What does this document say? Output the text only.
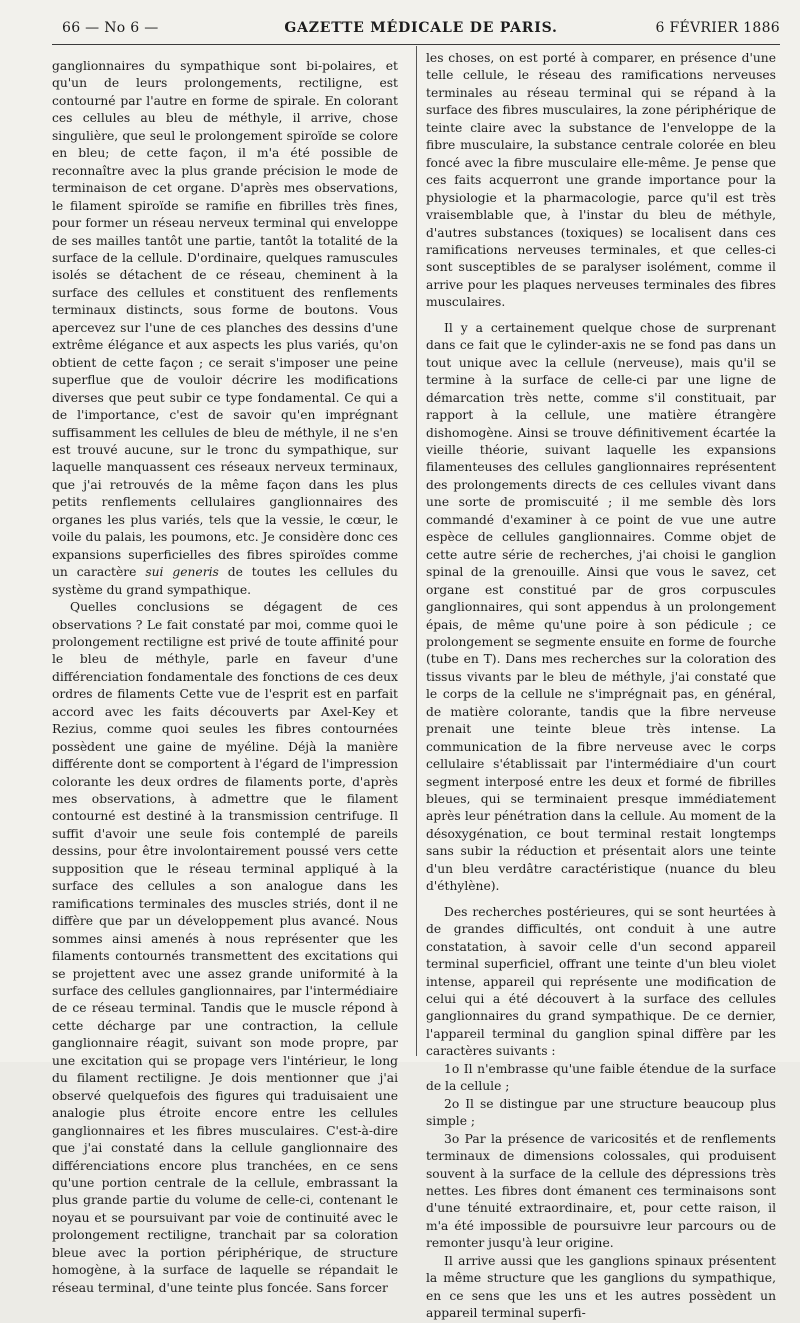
GAZETTE MÉDICALE DE PARIS.
66 — No 6 —	6 FÉVRIER 1886

ganglionnaires du sympathique sont bi-polaires, et qu'un de leurs prolongements, rectiligne, est contourné par l'autre en forme de spirale. En colorant ces cellules au bleu de méthyle, il arrive, chose singulière, que seul le prolongement spiroïde se colore en bleu; de cette façon, il m'a été possible de reconnaître avec la plus grande précision le mode de terminaison de cet organe. D'après mes observations, le filament spiroïde se ramifie en fibrilles très fines, pour former un réseau nerveux terminal qui enveloppe de ses mailles tantôt une partie, tantôt la totalité de la surface de la cellule. D'ordinaire, quelques ramuscules isolés se détachent de ce réseau, cheminent à la surface des cellules et constituent des renflements terminaux distincts, sous forme de boutons. Vous apercevez sur l'une de ces planches des dessins d'une extrême élégance et aux aspects les plus variés, qu'on obtient de cette façon ; ce serait s'imposer une peine superflue que de vouloir décrire les modifications diverses que peut subir ce type fondamental. Ce qui a de l'importance, c'est de savoir qu'en imprégnant suffisamment les cellules de bleu de méthyle, il ne s'en est trouvé aucune, sur le tronc du sympathique, sur laquelle manquassent ces réseaux nerveux terminaux, que j'ai retrouvés de la même façon dans les plus petits renflements cellulaires ganglionnaires des organes les plus variés, tels que la vessie, le cœur, le voile du palais, les poumons, etc. Je considère donc ces expansions superficielles des fibres spiroïdes comme un caractère sui generis de toutes les cellules du système du grand sympathique.

Quelles conclusions se dégagent de ces observations ? Le fait constaté par moi, comme quoi le prolongement rectiligne est privé de toute affinité pour le bleu de méthyle, parle en faveur d'une différenciation fondamentale des fonctions de ces deux ordres de filaments Cette vue de l'esprit est en parfait accord avec les faits découverts par Axel-Key et Rezius, comme quoi seules les fibres contournées possèdent une gaine de myéline. Déjà la manière différente dont se comportent à l'égard de l'impression colorante les deux ordres de filaments porte, d'après mes observations, à admettre que le filament contourné est destiné à la transmission centrifuge. Il suffit d'avoir une seule fois contemplé de pareils dessins, pour être involontairement poussé vers cette supposition que le réseau terminal appliqué à la surface des cellules a son analogue dans les ramifications terminales des muscles striés, dont il ne diffère que par un développement plus avancé. Nous sommes ainsi amenés à nous représenter que les filaments contournés transmettent des excitations qui se projettent avec une assez grande uniformité à la surface des cellules ganglionnaires, par l'intermédiaire de ce réseau terminal. Tandis que le muscle répond à cette décharge par une contraction, la cellule ganglionnaire réagit, suivant son mode propre, par une excitation qui se propage vers l'intérieur, le long du filament rectiligne. Je dois mentionner que j'ai observé quelquefois des figures qui traduisaient une analogie plus étroite encore entre les cellules ganglionnaires et les fibres musculaires. C'est-à-dire que j'ai constaté dans la cellule ganglionnaire des différenciations encore plus tranchées, en ce sens qu'une portion centrale de la cellule, embrassant la plus grande partie du volume de celle-ci, contenant le noyau et se poursuivant par voie de continuité avec le prolongement rectiligne, tranchait par sa coloration bleue avec la portion périphérique, de structure homogène, à la surface de laquelle se répandait le réseau terminal, d'une teinte plus foncée. Sans forcer

les choses, on est porté à comparer, en présence d'une telle cellule, le réseau des ramifications nerveuses terminales au réseau terminal qui se répand à la surface des fibres musculaires, la zone périphérique de teinte claire avec la substance de l'enveloppe de la fibre musculaire, la substance centrale colorée en bleu foncé avec la fibre musculaire elle-même. Je pense que ces faits acquerront une grande importance pour la physiologie et la pharmacologie, parce qu'il est très vraisemblable que, à l'instar du bleu de méthyle, d'autres substances (toxiques) se localisent dans ces ramifications nerveuses terminales, et que celles-ci sont susceptibles de se paralyser isolément, comme il arrive pour les plaques nerveuses terminales des fibres musculaires.

Il y a certainement quelque chose de surprenant dans ce fait que le cylinder-axis ne se fond pas dans un tout unique avec la cellule (nerveuse), mais qu'il se termine à la surface de celle-ci par une ligne de démarcation très nette, comme s'il constituait, par rapport à la cellule, une matière étrangère dishomogène. Ainsi se trouve définitivement écartée la vieille théorie, suivant laquelle les expansions filamenteuses des cellules ganglionnaires représentent des prolongements directs de ces cellules vivant dans une sorte de promiscuité ; il me semble dès lors commandé d'examiner à ce point de vue une autre espèce de cellules ganglionnaires. Comme objet de cette autre série de recherches, j'ai choisi le ganglion spinal de la grenouille. Ainsi que vous le savez, cet organe est constitué par de gros corpuscules ganglionnaires, qui sont appendus à un prolongement épais, de même qu'une poire à son pédicule ; ce prolongement se segmente ensuite en forme de fourche (tube en T). Dans mes recherches sur la coloration des tissus vivants par le bleu de méthyle, j'ai constaté que le corps de la cellule ne s'imprégnait pas, en général, de matière colorante, tandis que la fibre nerveuse prenait une teinte bleue très intense. La communication de la fibre nerveuse avec le corps cellulaire s'établissait par l'intermédiaire d'un court segment interposé entre les deux et formé de fibrilles bleues, qui se terminaient presque immédiatement après leur pénétration dans la cellule. Au moment de la désoxygénation, ce bout terminal restait longtemps sans subir la réduction et présentait alors une teinte d'un bleu verdâtre caractéristique (nuance du bleu d'éthylène).

Des recherches postérieures, qui se sont heurtées à de grandes difficultés, ont conduit à une autre constatation, à savoir celle d'un second appareil terminal superficiel, offrant une teinte d'un bleu violet intense, appareil qui représente une modification de celui qui a été découvert à la surface des cellules ganglionnaires du grand sympathique. De ce dernier, l'appareil terminal du ganglion spinal diffère par les caractères suivants :

1o Il n'embrasse qu'une faible étendue de la surface de la cellule ;

2o Il se distingue par une structure beaucoup plus simple ;

3o Par la présence de varicosités et de renflements terminaux de dimensions colossales, qui produisent souvent à la surface de la cellule des dépressions très nettes. Les fibres dont émanent ces terminaisons sont d'une ténuité extraordinaire, et, pour cette raison, il m'a été impossible de poursuivre leur parcours ou de remonter jusqu'à leur origine.

Il arrive aussi que les ganglions spinaux présentent la même structure que les ganglions du sympathique, en ce sens que les uns et les autres possèdent un appareil terminal superfi-
